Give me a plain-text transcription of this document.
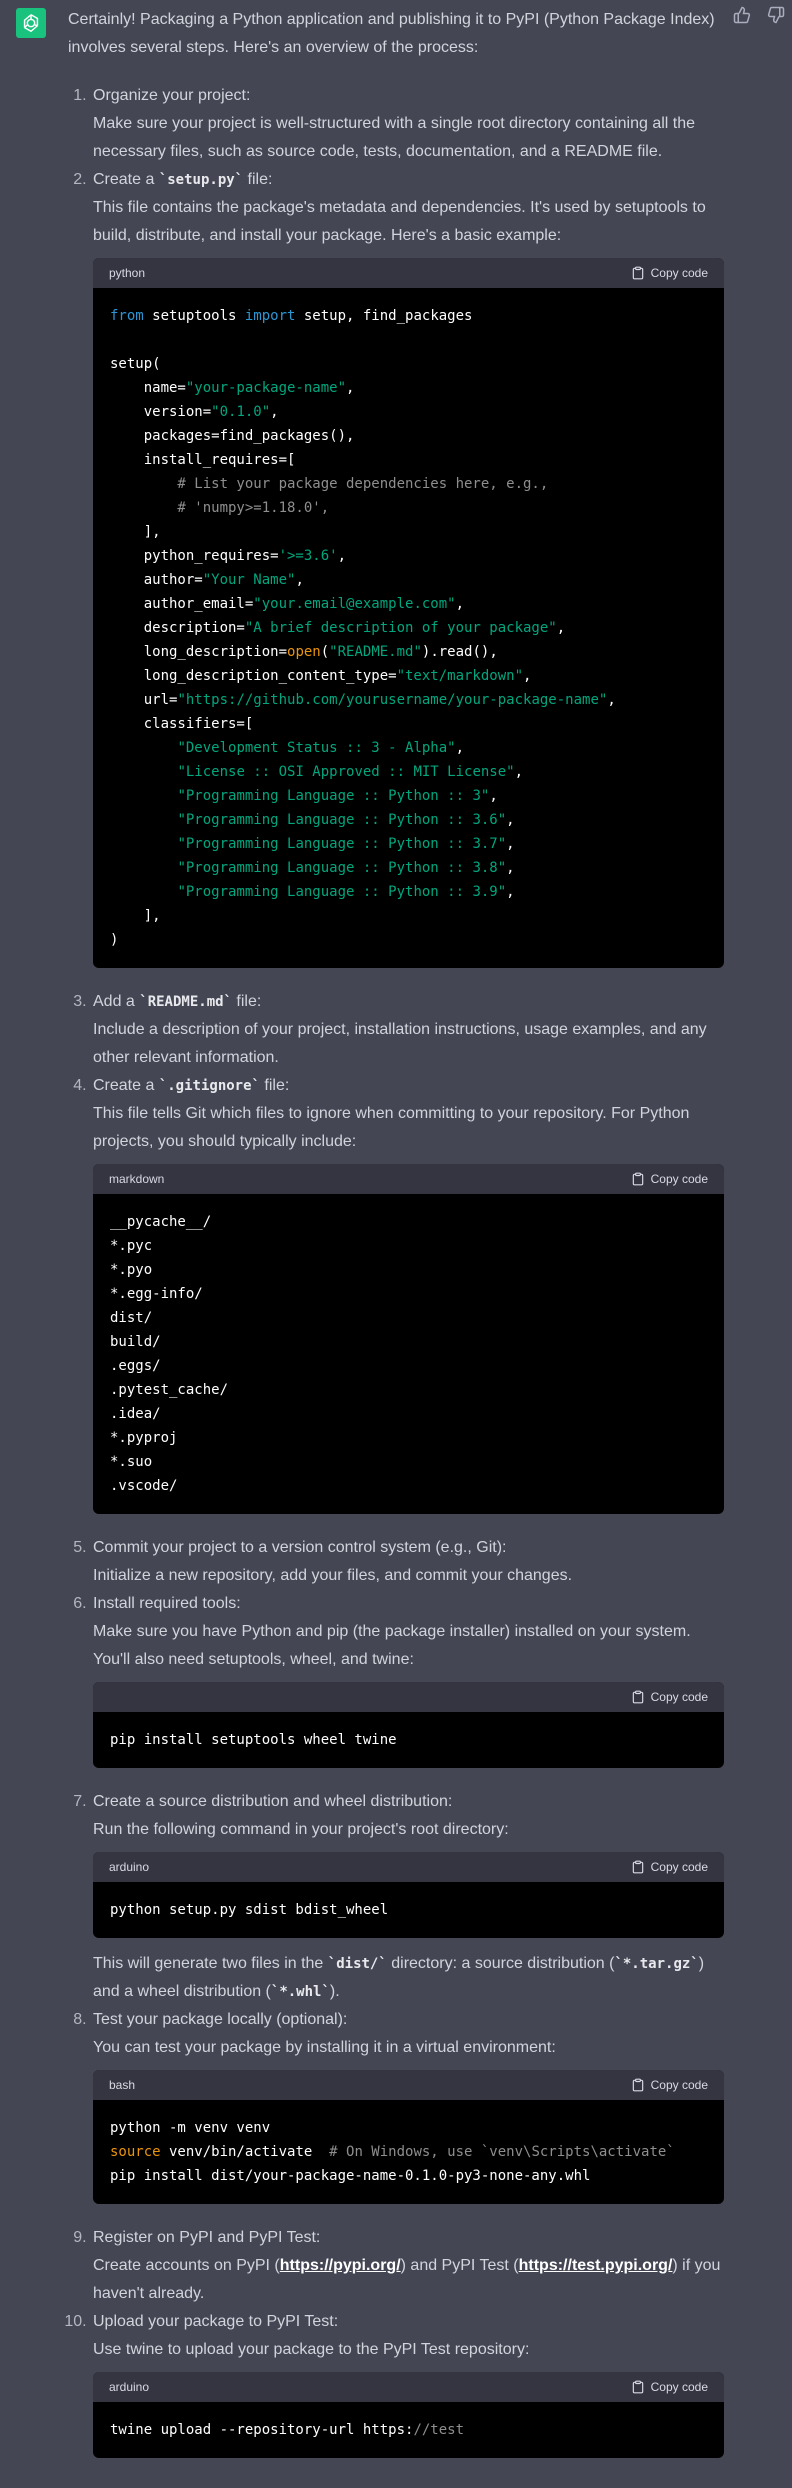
Certainly! Packaging a Python application and publishing it to PyPI (Python Package Index) involves several steps. Here's an overview of the process:

1. Organize your project:
Make sure your project is well-structured with a single root directory containing all the necessary files, such as source code, tests, documentation, and a README file.
2. Create a `setup.py` file:
This file contains the package's metadata and dependencies. It's used by setuptools to build, distribute, and install your package. Here's a basic example:
python	Copy code
from setuptools import setup, find_packages

setup(
name="your-package-name",
version="0.1.0",
packages=find_packages(),
install_requires=[
# List your package dependencies here, e.g.,
# 'numpy>=1.18.0',
],
python_requires='>=3.6',
author="Your Name",
author_email="your.email@example.com",
description="A brief description of your package",
long_description=open("README.md").read(),
long_description_content_type="text/markdown",
url="https://github.com/yourusername/your-package-name",
classifiers=[
"Development Status :: 3 - Alpha",
"License :: OSI Approved :: MIT License",
"Programming Language :: Python :: 3",
"Programming Language :: Python :: 3.6",
"Programming Language :: Python :: 3.7",
"Programming Language :: Python :: 3.8",
"Programming Language :: Python :: 3.9",
],
)
3. Add a `README.md` file:
Include a description of your project, installation instructions, usage examples, and any other relevant information.
4. Create a `.gitignore` file:
This file tells Git which files to ignore when committing to your repository. For Python projects, you should typically include:
markdown	Copy code
__pycache__/
*.pyc
*.pyo
*.egg-info/
dist/
build/
.eggs/
.pytest_cache/
.idea/
*.pyproj
*.suo
.vscode/
5. Commit your project to a version control system (e.g., Git):
Initialize a new repository, add your files, and commit your changes.
6. Install required tools:
Make sure you have Python and pip (the package installer) installed on your system. You'll also need setuptools, wheel, and twine:
Copy code
pip install setuptools wheel twine
7. Create a source distribution and wheel distribution:
Run the following command in your project's root directory:
arduino	Copy code
python setup.py sdist bdist_wheel
This will generate two files in the `dist/` directory: a source distribution (`*.tar.gz`) and a wheel distribution (`*.whl`).
8. Test your package locally (optional):
You can test your package by installing it in a virtual environment:
bash	Copy code
python -m venv venv
source venv/bin/activate  # On Windows, use `venv\Scripts\activate`
pip install dist/your-package-name-0.1.0-py3-none-any.whl
9. Register on PyPI and PyPI Test:
Create accounts on PyPI (https://pypi.org/) and PyPI Test (https://test.pypi.org/) if you haven't already.
10. Upload your package to PyPI Test:
Use twine to upload your package to the PyPI Test repository:
arduino	Copy code
twine upload --repository-url https://test
